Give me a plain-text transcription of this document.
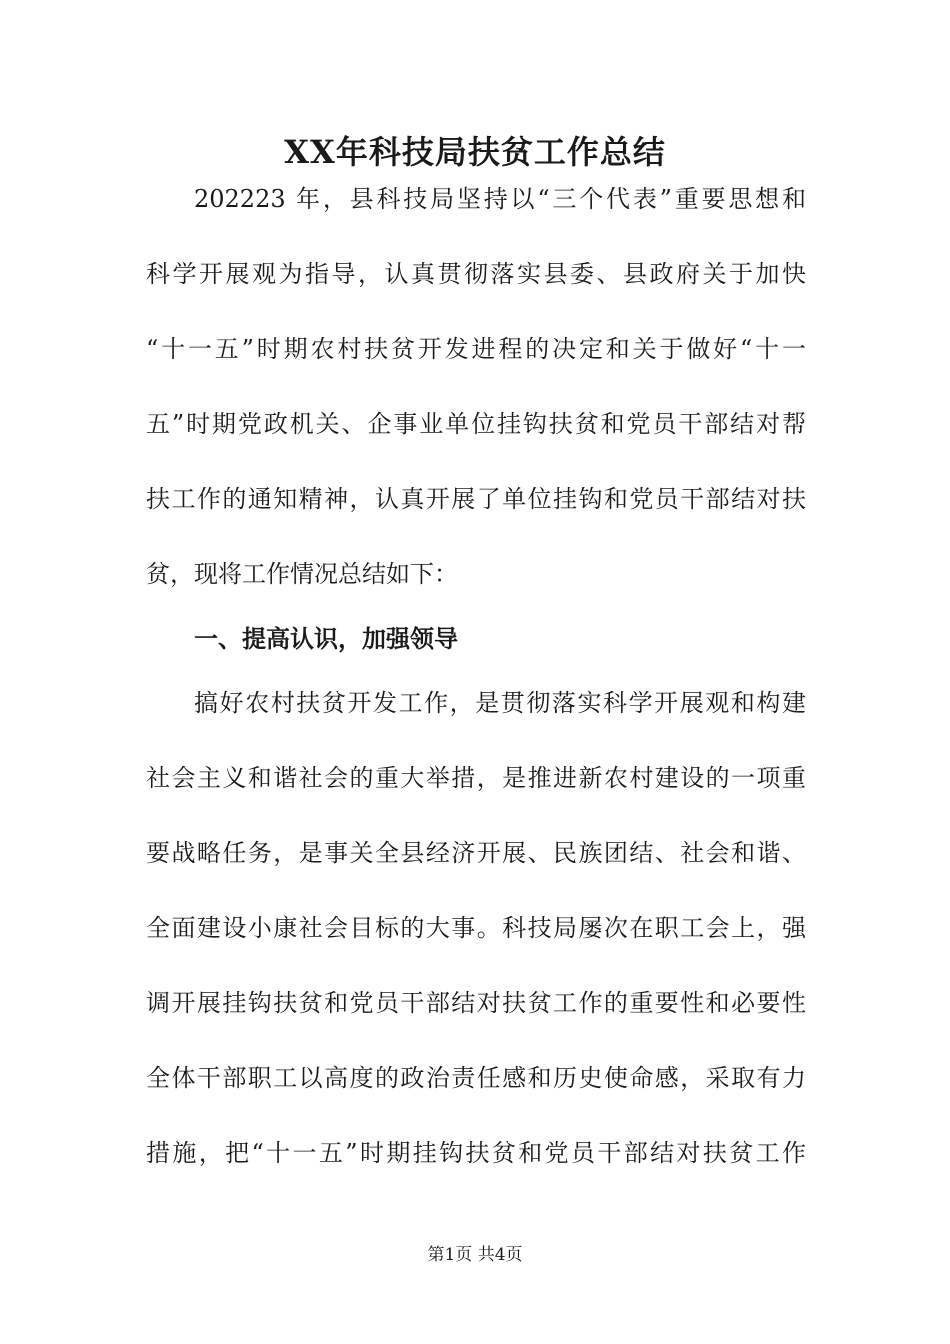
XX年科技局扶贫工作总结

202223 年，县科技局坚持以“三个代表”重要思想和

科学开展观为指导，认真贯彻落实县委、县政府关于加快

“十一五”时期农村扶贫开发进程的决定和关于做好“十一

五”时期党政机关、企事业单位挂钩扶贫和党员干部结对帮

扶工作的通知精神，认真开展了单位挂钩和党员干部结对扶

贫，现将工作情况总结如下：

一、提高认识，加强领导

搞好农村扶贫开发工作，是贯彻落实科学开展观和构建

社会主义和谐社会的重大举措，是推进新农村建设的一项重

要战略任务，是事关全县经济开展、民族团结、社会和谐、

全面建设小康社会目标的大事。科技局屡次在职工会上，强

调开展挂钩扶贫和党员干部结对扶贫工作的重要性和必要性

全体干部职工以高度的政治责任感和历史使命感，采取有力

措施，把“十一五”时期挂钩扶贫和党员干部结对扶贫工作

第1页 共4页
